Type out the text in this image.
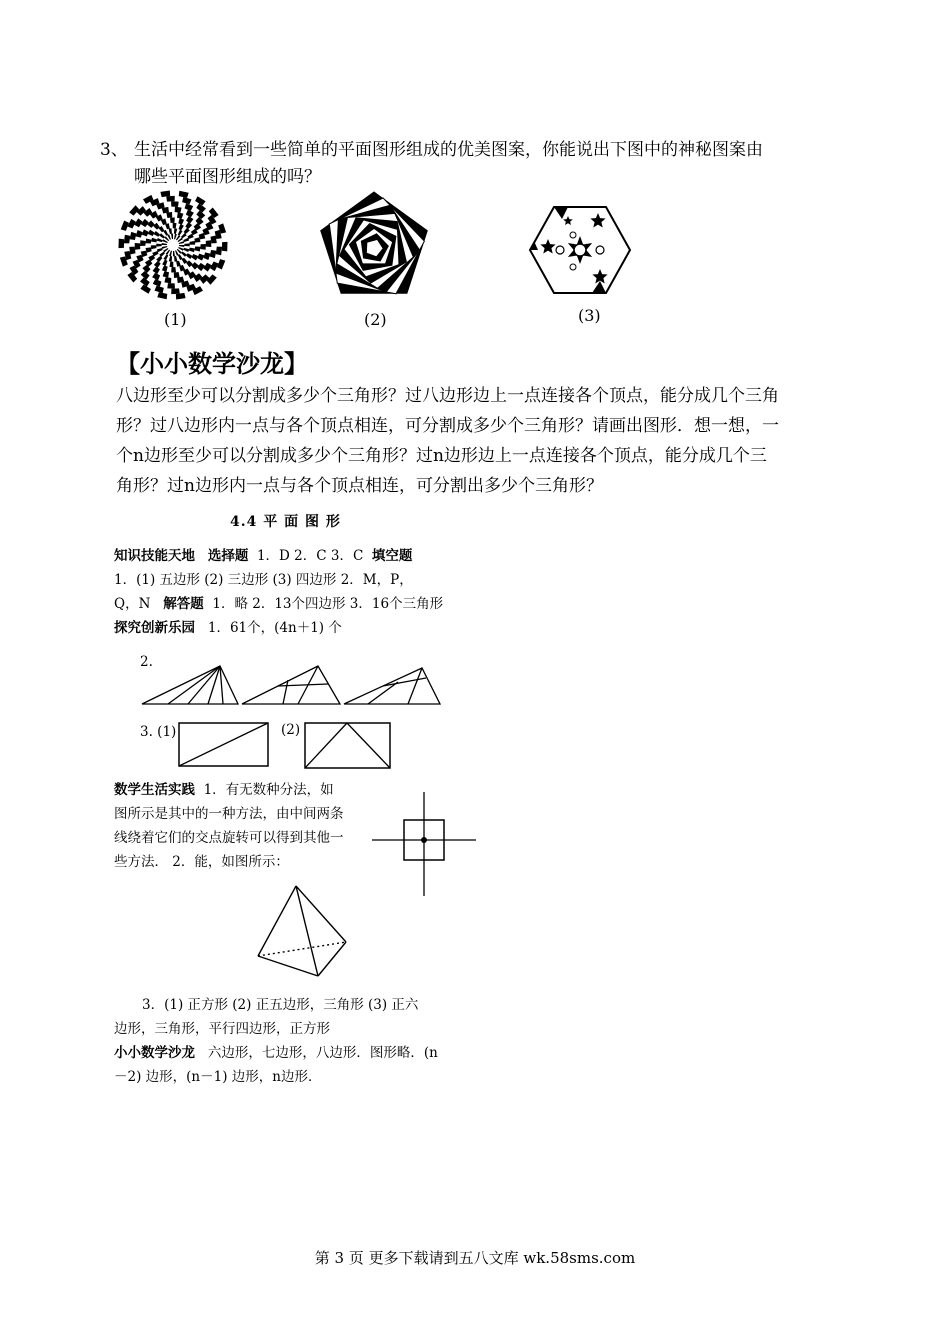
3、 生活中经常看到一些简单的平面图形组成的优美图案，你能说出下图中的神秘图案由
哪些平面图形组成的吗？
(1)	(2)	(3)
【小小数学沙龙】
八边形至少可以分割成多少个三角形？过八边形边上一点连接各个顶点，能分成几个三角
形？过八边形内一点与各个顶点相连，可分割成多少个三角形？请画出图形．想一想，一
个n边形至少可以分割成多少个三角形？过n边形边上一点连接各个顶点，能分成几个三
角形？过n边形内一点与各个顶点相连，可分割出多少个三角形？
4.4 平 面 图 形
知识技能天地 选择题 1．D 2．C 3．C 填空题
1．(1) 五边形 (2) 三边形 (3) 四边形 2．M，P，
Q，N 解答题 1．略 2．13个四边形 3．16个三角形
探究创新乐园 1．61个，(4n＋1) 个
2.
3. (1)	(2)
数学生活实践 1．有无数种分法，如
图所示是其中的一种方法，由中间两条
线绕着它们的交点旋转可以得到其他一
些方法． 2．能，如图所示：
3．(1) 正方形 (2) 正五边形，三角形 (3) 正六
边形，三角形，平行四边形，正方形
小小数学沙龙 六边形，七边形，八边形．图形略．(n
－2) 边形，(n－1) 边形，n边形．
第 3 页 更多下载请到五八文库 wk.58sms.com
